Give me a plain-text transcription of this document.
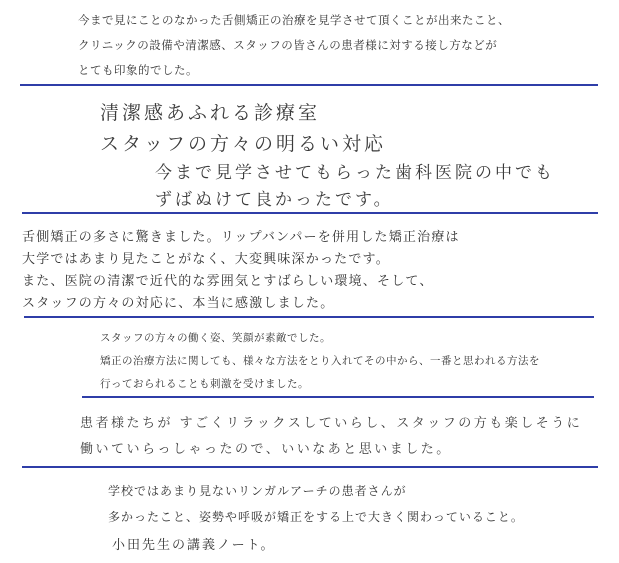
今まで見にことのなかった舌側矯正の治療を見学させて頂くことが出来たこと、
クリニックの設備や清潔感、スタッフの皆さんの患者様に対する接し方などが
とても印象的でした。
清潔感あふれる診療室
スタッフの方々の明るい対応
今まで見学させてもらった歯科医院の中でも
ずばぬけて良かったです。
舌側矯正の多さに驚きました。リップバンパーを併用した矯正治療は
大学ではあまり見たことがなく、大変興味深かったです。
また、医院の清潔で近代的な雰囲気とすばらしい環境、そして、
スタッフの方々の対応に、本当に感激しました。
スタッフの方々の働く姿、笑顔が素敵でした。
矯正の治療方法に関しても、様々な方法をとり入れてその中から、一番と思われる方法を
行っておられることも刺激を受けました。
患者様たちが すごくリラックスしていらし、スタッフの方も楽しそうに
働いていらっしゃったので、いいなあと思いました。
学校ではあまり見ないリンガルアーチの患者さんが
多かったこと、姿勢や呼吸が矯正をする上で大きく関わっていること。
小田先生の講義ノート。
